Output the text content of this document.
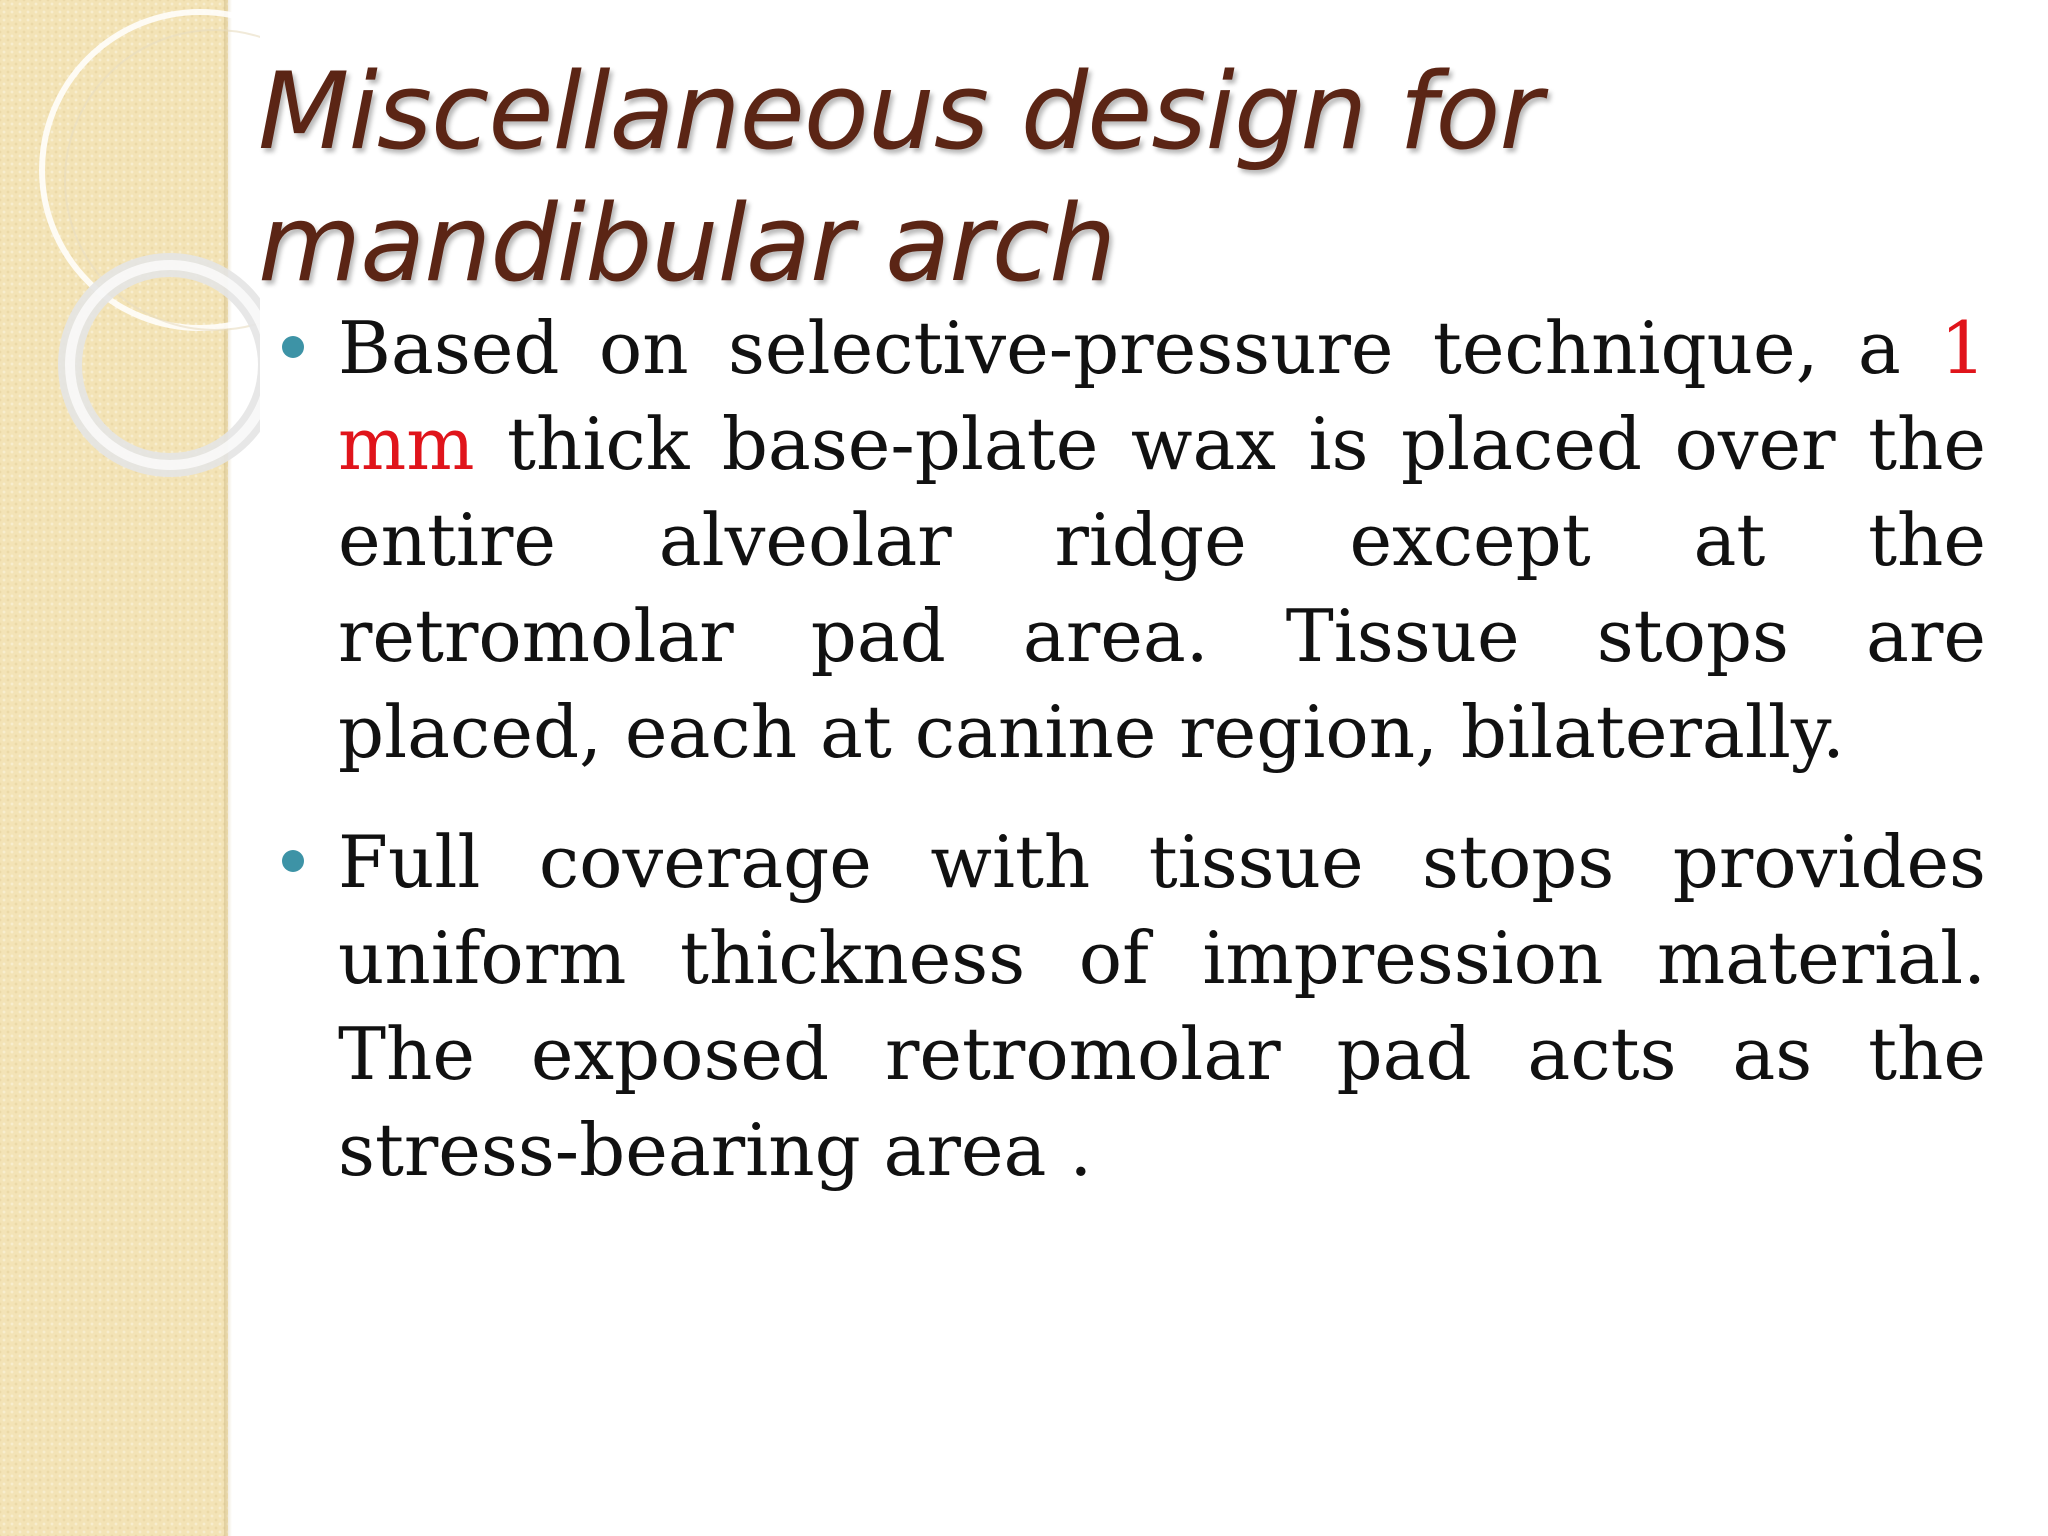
Miscellaneous design for mandibular arch
Based on selective-pressure technique, a 1 mm thick base-plate wax is placed over the entire alveolar ridge except at the retromolar pad area. Tissue stops are placed, each at canine region, bilaterally.
Full coverage with tissue stops provides uniform thickness of impression material. The exposed retromolar pad acts as the stress-bearing area .
